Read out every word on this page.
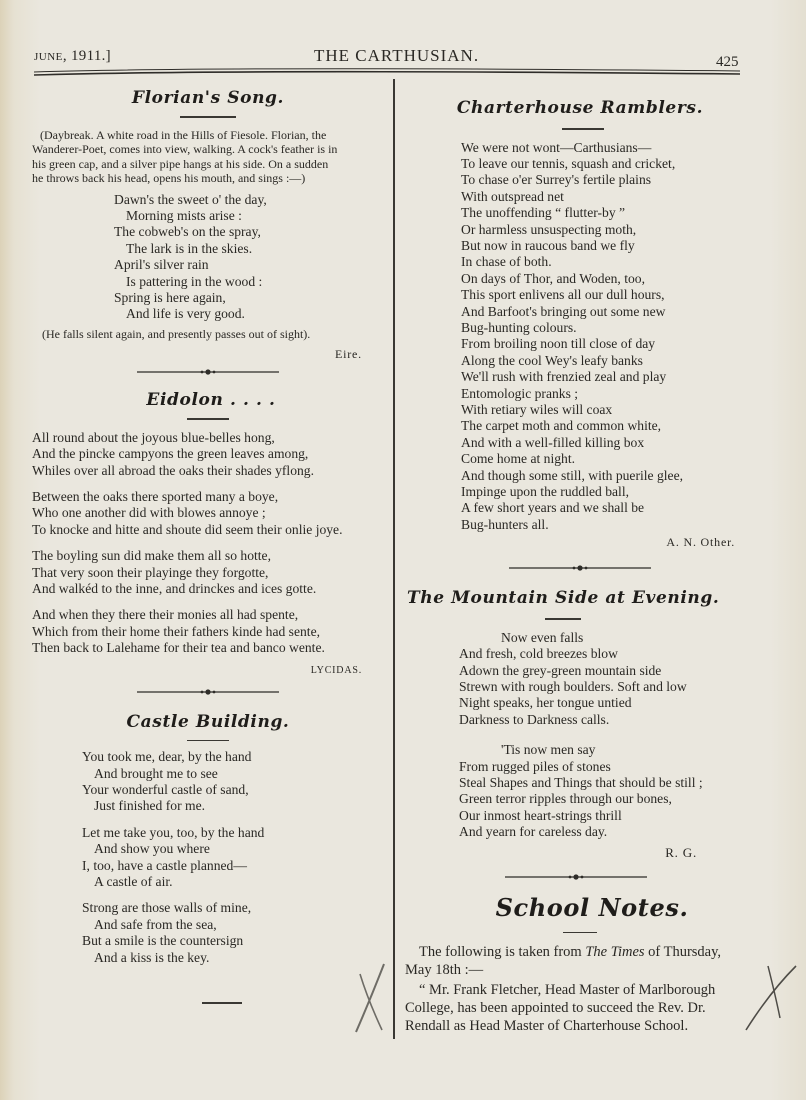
JUNE, 1911.]	THE CARTHUSIAN.	425
Florian's Song.
(Daybreak. A white road in the Hills of Fiesole. Florian, the
Wanderer-Poet, comes into view, walking. A cock's feather is in
his green cap, and a silver pipe hangs at his side. On a sudden
he throws back his head, opens his mouth, and sings :—)
Dawn's the sweet o' the day,
Morning mists arise :
The cobweb's on the spray,
The lark is in the skies.
April's silver rain
Is pattering in the wood :
Spring is here again,
And life is very good.
(He falls silent again, and presently passes out of sight).
Eire.
Eidolon . . . .
All round about the joyous blue-belles hong,
And the pincke campyons the green leaves among,
Whiles over all abroad the oaks their shades yflong.
Between the oaks there sported many a boye,
Who one another did with blowes annoye ;
To knocke and hitte and shoute did seem their onlie joye.
The boyling sun did make them all so hotte,
That very soon their playinge they forgotte,
And walkéd to the inne, and drinckes and ices gotte.
And when they there their monies all had spente,
Which from their home their fathers kinde had sente,
Then back to Lalehame for their tea and banco wente.
LYCIDAS.
Castle Building.
You took me, dear, by the hand
And brought me to see
Your wonderful castle of sand,
Just finished for me.
Let me take you, too, by the hand
And show you where
I, too, have a castle planned—
A castle of air.
Strong are those walls of mine,
And safe from the sea,
But a smile is the countersign
And a kiss is the key.
Charterhouse Ramblers.
We were not wont—Carthusians—
To leave our tennis, squash and cricket,
To chase o'er Surrey's fertile plains
With outspread net
The unoffending “ flutter-by ”
Or harmless unsuspecting moth,
But now in raucous band we fly
In chase of both.
On days of Thor, and Woden, too,
This sport enlivens all our dull hours,
And Barfoot's bringing out some new
Bug-hunting colours.
From broiling noon till close of day
Along the cool Wey's leafy banks
We'll rush with frenzied zeal and play
Entomologic pranks ;
With retiary wiles will coax
The carpet moth and common white,
And with a well-filled killing box
Come home at night.
And though some still, with puerile glee,
Impinge upon the ruddled ball,
A few short years and we shall be
Bug-hunters all.
A. N. Other.
The Mountain Side at Evening.
Now even falls
And fresh, cold breezes blow
Adown the grey-green mountain side
Strewn with rough boulders. Soft and low
Night speaks, her tongue untied
Darkness to Darkness calls.
'Tis now men say
From rugged piles of stones
Steal Shapes and Things that should be still ;
Green terror ripples through our bones,
Our inmost heart-strings thrill
And yearn for careless day.
R. G.
School Notes.
The following is taken from The Times of Thursday,
May 18th :—
“ Mr. Frank Fletcher, Head Master of Marlborough
College, has been appointed to succeed the Rev. Dr.
Rendall as Head Master of Charterhouse School.
